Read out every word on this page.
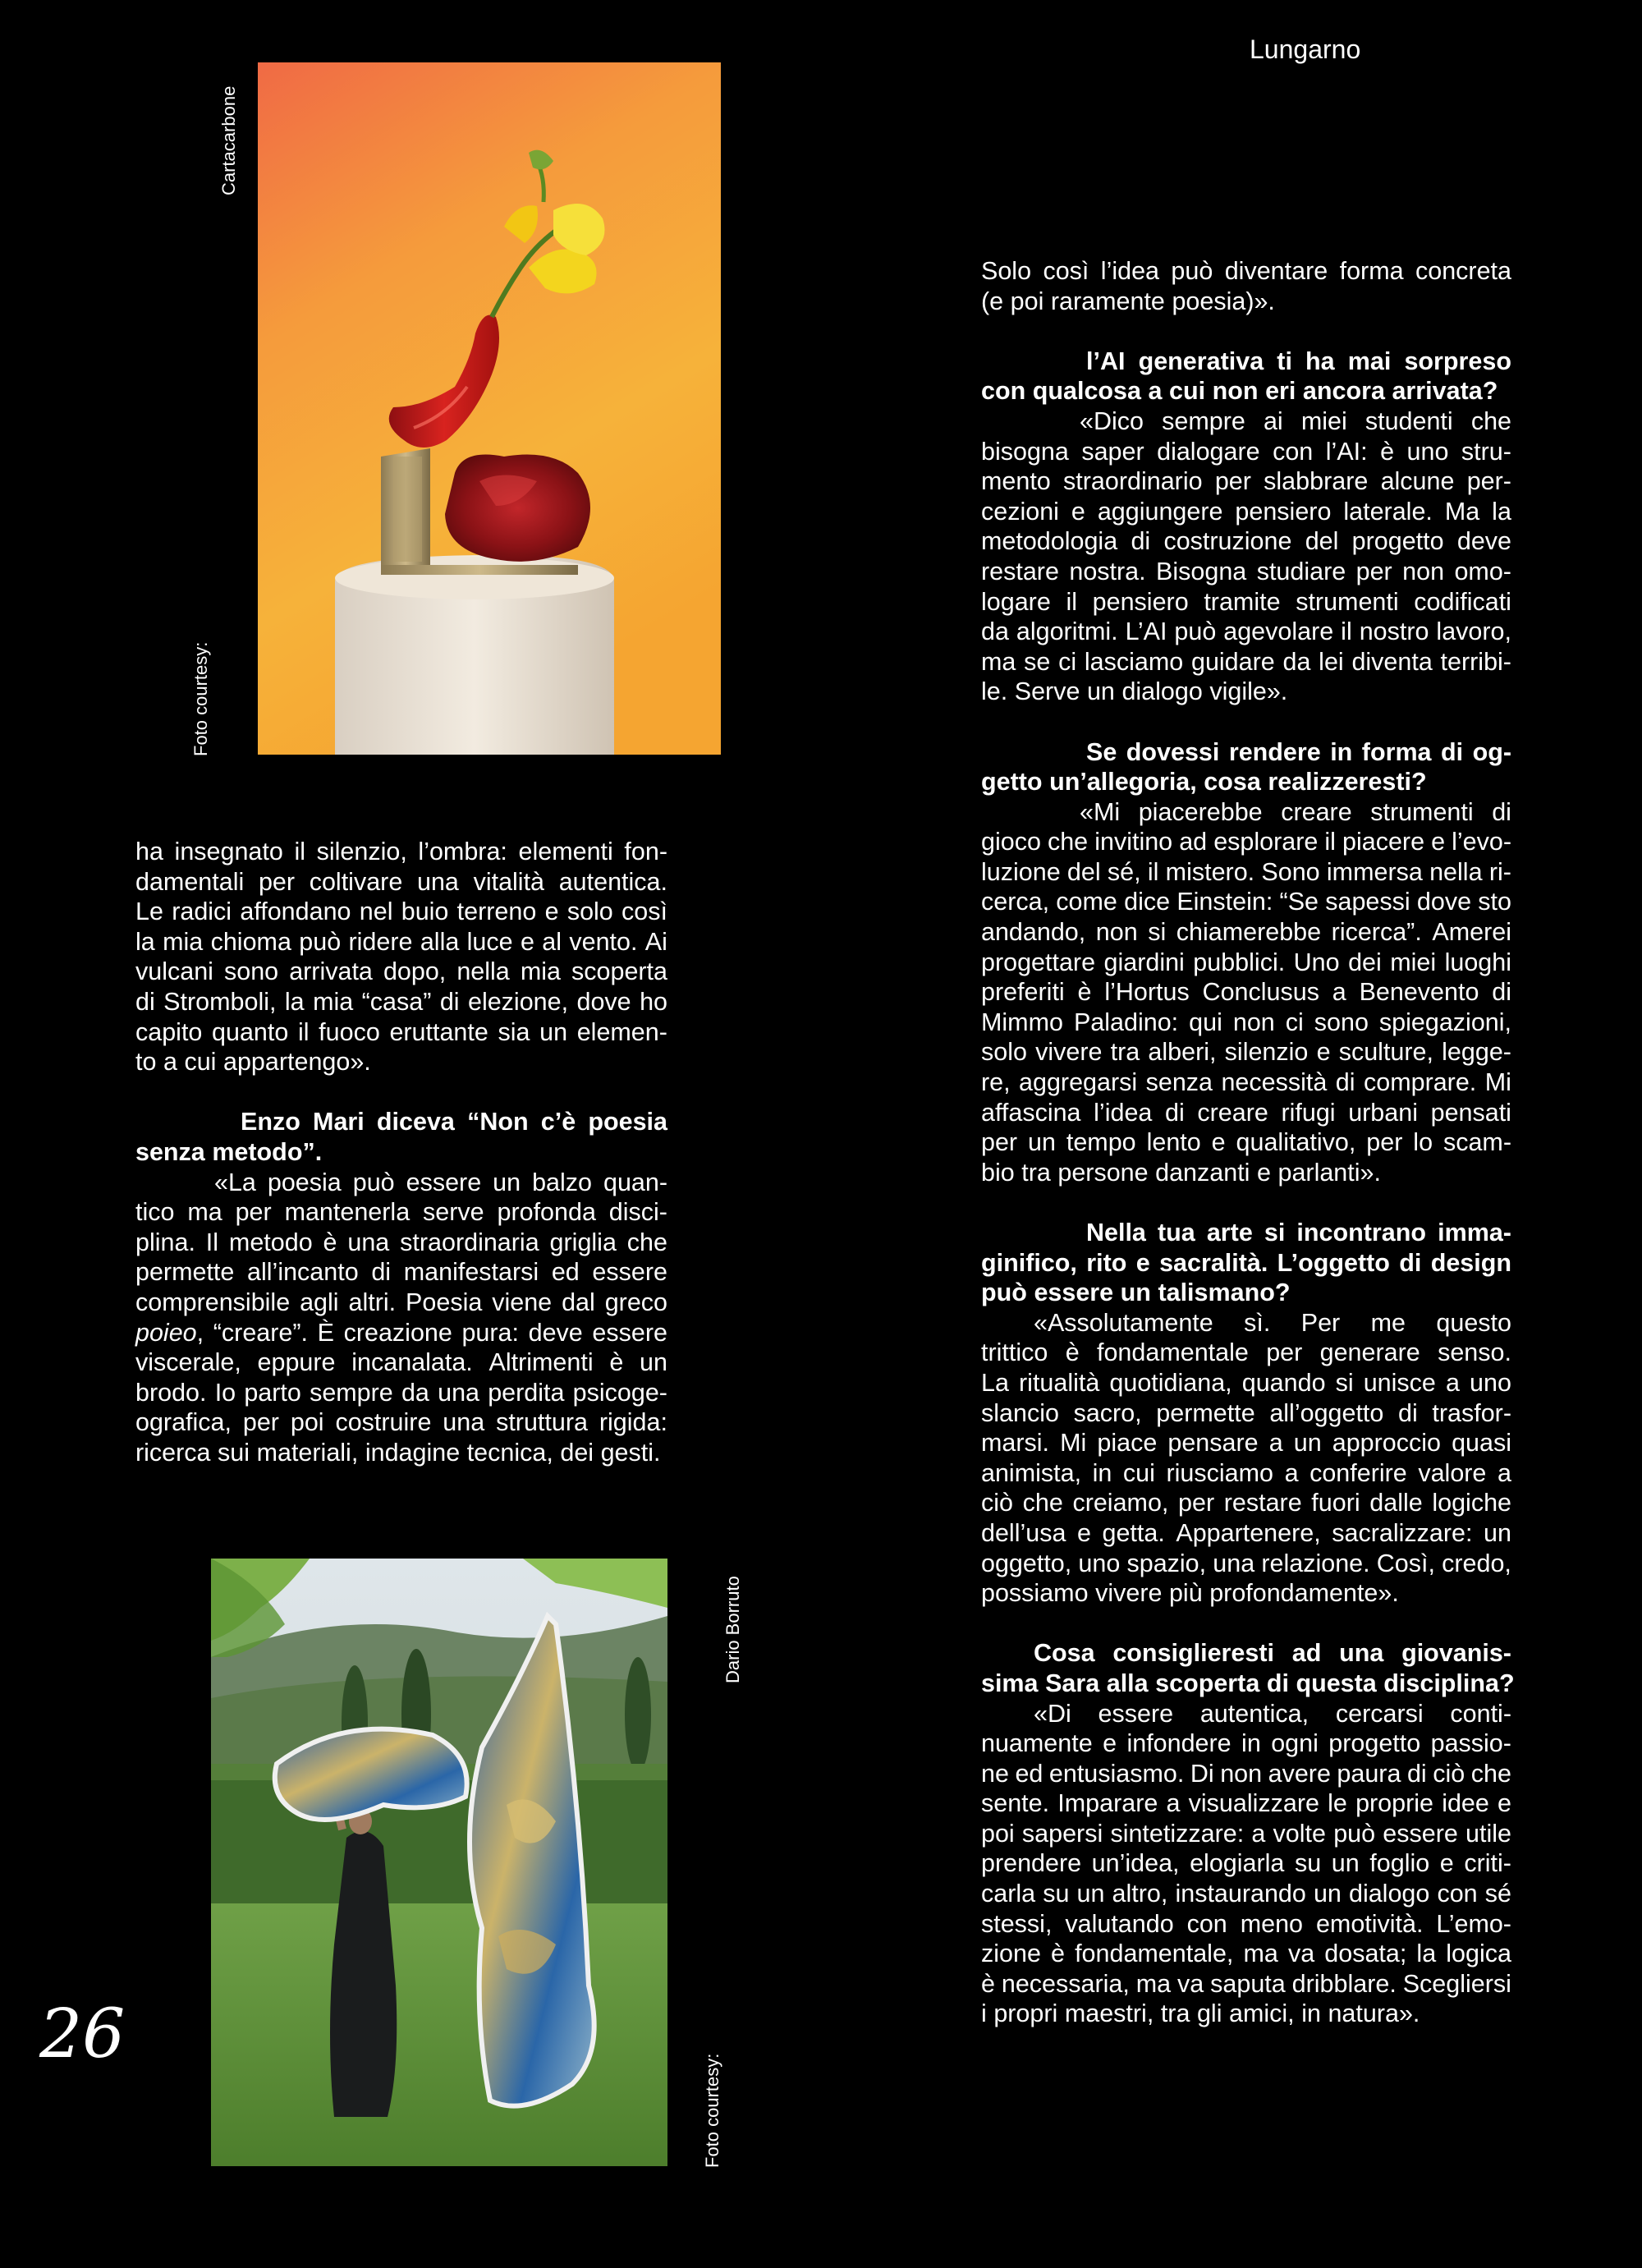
Lungarno
Cartacarbone
Foto courtesy:
Dario Borruto
Foto courtesy:
ha insegnato il silenzio, l’ombra: elementi fon-
damentali per coltivare una vitalità autentica.
Le radici affondano nel buio terreno e solo così
la mia chioma può ridere alla luce e al vento. Ai
vulcani sono arrivata dopo, nella mia scoperta
di Stromboli, la mia “casa” di elezione, dove ho
capito quanto il fuoco eruttante sia un elemen-
to a cui appartengo».
Enzo Mari diceva “Non c’è poesia
senza metodo”.
«La poesia può essere un balzo quan-
tico ma per mantenerla serve profonda disci-
plina. Il metodo è una straordinaria griglia che
permette all’incanto di manifestarsi ed essere
comprensibile agli altri. Poesia viene dal greco
poieo, “creare”. È creazione pura: deve essere
viscerale, eppure incanalata. Altrimenti è un
brodo. Io parto sempre da una perdita psicoge-
ografica, per poi costruire una struttura rigida:
ricerca sui materiali, indagine tecnica, dei gesti.
Solo così l’idea può diventare forma concreta
(e poi raramente poesia)».
l’AI generativa ti ha mai sorpreso
con qualcosa a cui non eri ancora arrivata?
«Dico sempre ai miei studenti che
bisogna saper dialogare con l’AI: è uno stru-
mento straordinario per slabbrare alcune per-
cezioni e aggiungere pensiero laterale. Ma la
metodologia di costruzione del progetto deve
restare nostra. Bisogna studiare per non omo-
logare il pensiero tramite strumenti codificati
da algoritmi. L’AI può agevolare il nostro lavoro,
ma se ci lasciamo guidare da lei diventa terribi-
le. Serve un dialogo vigile».
Se dovessi rendere in forma di og-
getto un’allegoria, cosa realizzeresti?
«Mi piacerebbe creare strumenti di
gioco che invitino ad esplorare il piacere e l’evo-
luzione del sé, il mistero. Sono immersa nella ri-
cerca, come dice Einstein: “Se sapessi dove sto
andando, non si chiamerebbe ricerca”. Amerei
progettare giardini pubblici. Uno dei miei luoghi
preferiti è l’Hortus Conclusus a Benevento di
Mimmo Paladino: qui non ci sono spiegazioni,
solo vivere tra alberi, silenzio e sculture, legge-
re, aggregarsi senza necessità di comprare. Mi
affascina l’idea di creare rifugi urbani pensati
per un tempo lento e qualitativo, per lo scam-
bio tra persone danzanti e parlanti».
Nella tua arte si incontrano imma-
ginifico, rito e sacralità. L’oggetto di design
può essere un talismano?
«Assolutamente sì. Per me questo
trittico è fondamentale per generare senso.
La ritualità quotidiana, quando si unisce a uno
slancio sacro, permette all’oggetto di trasfor-
marsi. Mi piace pensare a un approccio quasi
animista, in cui riusciamo a conferire valore a
ciò che creiamo, per restare fuori dalle logiche
dell’usa e getta. Appartenere, sacralizzare: un
oggetto, uno spazio, una relazione. Così, credo,
possiamo vivere più profondamente».
Cosa consiglieresti ad una giovanis-
sima Sara alla scoperta di questa disciplina?
«Di essere autentica, cercarsi conti-
nuamente e infondere in ogni progetto passio-
ne ed entusiasmo. Di non avere paura di ciò che
sente. Imparare a visualizzare le proprie idee e
poi sapersi sintetizzare: a volte può essere utile
prendere un’idea, elogiarla su un foglio e criti-
carla su un altro, instaurando un dialogo con sé
stessi, valutando con meno emotività. L’emo-
zione è fondamentale, ma va dosata; la logica
è necessaria, ma va saputa dribblare. Scegliersi
i propri maestri, tra gli amici, in natura».
26
